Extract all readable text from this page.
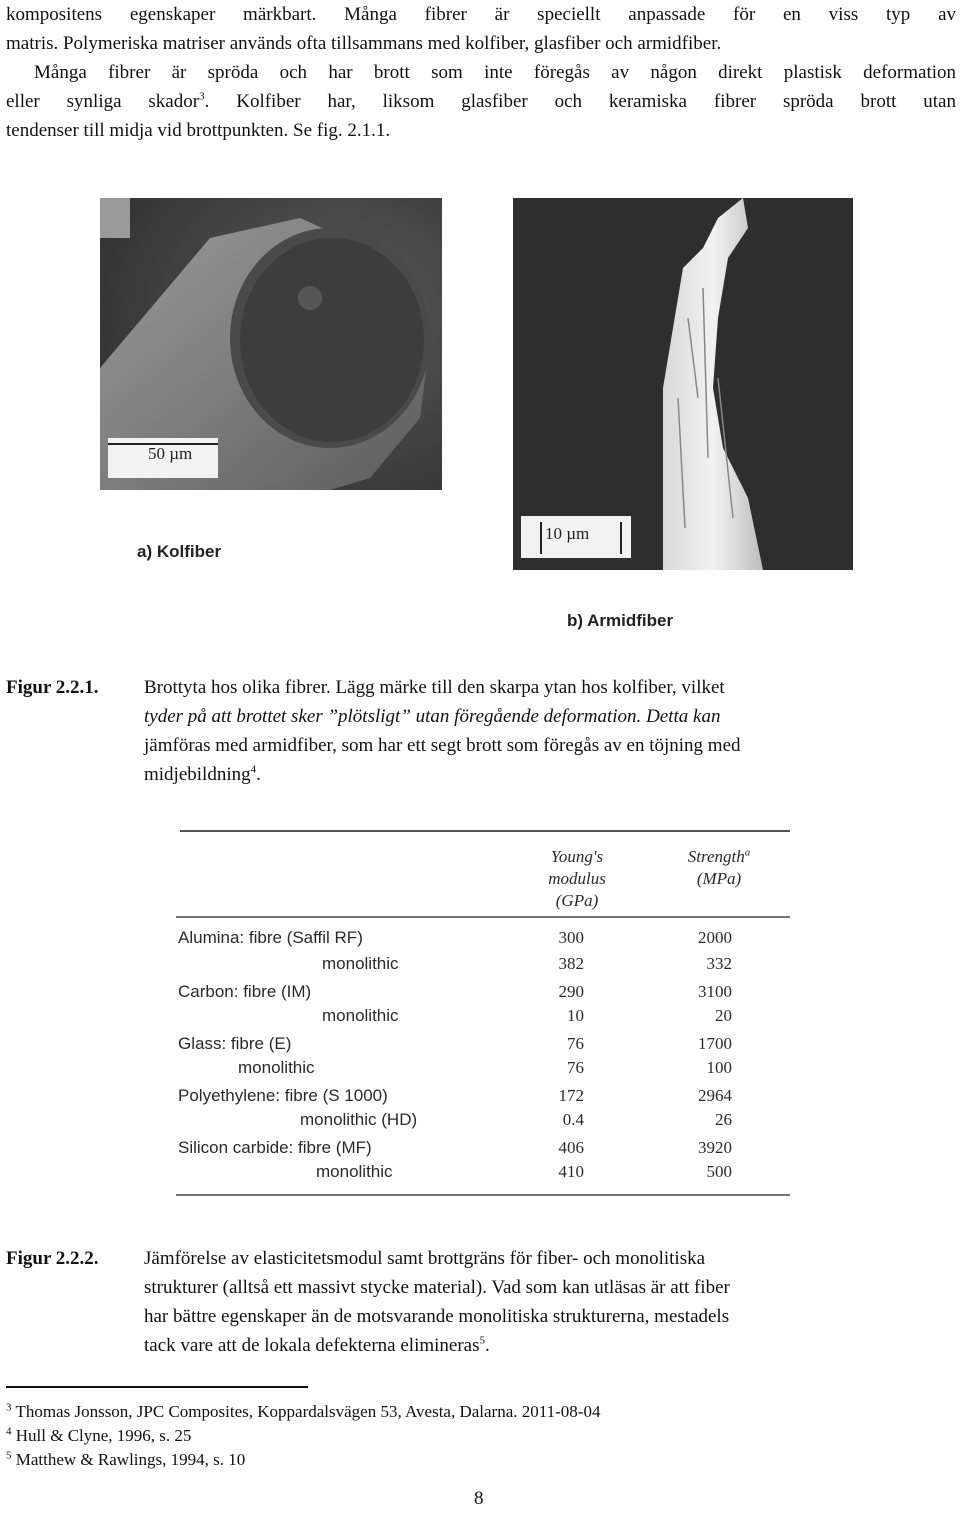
kompositens egenskaper märkbart. Många fibrer är speciellt anpassade för en viss typ av
matris. Polymeriska matriser används ofta tillsammans med kolfiber, glasfiber och armidfiber.
Många fibrer är spröda och har brott som inte föregås av någon direkt plastisk deformation
eller synliga skador$^3$. Kolfiber har, liksom glasfiber och keramiska fibrer spröda brott utan
tendenser till midja vid brottpunkten. Se fig. 2.1.1.
50 µm
a) Kolfiber
10 µm
b) Armidfiber
Figur 2.2.1. Brottyta hos olika fibrer. Lägg märke till den skarpa ytan hos kolfiber, vilket
tyder på att brottet sker ”plötsligt” utan föregående deformation. Detta kan
jämföras med armidfiber, som har ett segt brott som föregås av en töjning med
midjebildning$^4$.
Young's
modulus
(GPa)
Strength$^a$
(MPa)
Alumina: fibre (Saffil RF)	300	2000
monolithic	382	332
Carbon: fibre (IM)	290	3100
monolithic	10	20
Glass: fibre (E)	76	1700
monolithic	76	100
Polyethylene: fibre (S 1000)	172	2964
monolithic (HD)	0.4	26
Silicon carbide: fibre (MF)	406	3920
monolithic	410	500
Figur 2.2.2. Jämförelse av elasticitetsmodul samt brottgräns för fiber- och monolitiska
strukturer (alltså ett massivt stycke material). Vad som kan utläsas är att fiber
har bättre egenskaper än de motsvarande monolitiska strukturerna, mestadels
tack vare att de lokala defekterna elimineras$^5$.
$^3$ Thomas Jonsson, JPC Composites, Koppardalsvägen 53, Avesta, Dalarna. 2011-08-04
$^4$ Hull & Clyne, 1996, s. 25
$^5$ Matthew & Rawlings, 1994, s. 10
8
